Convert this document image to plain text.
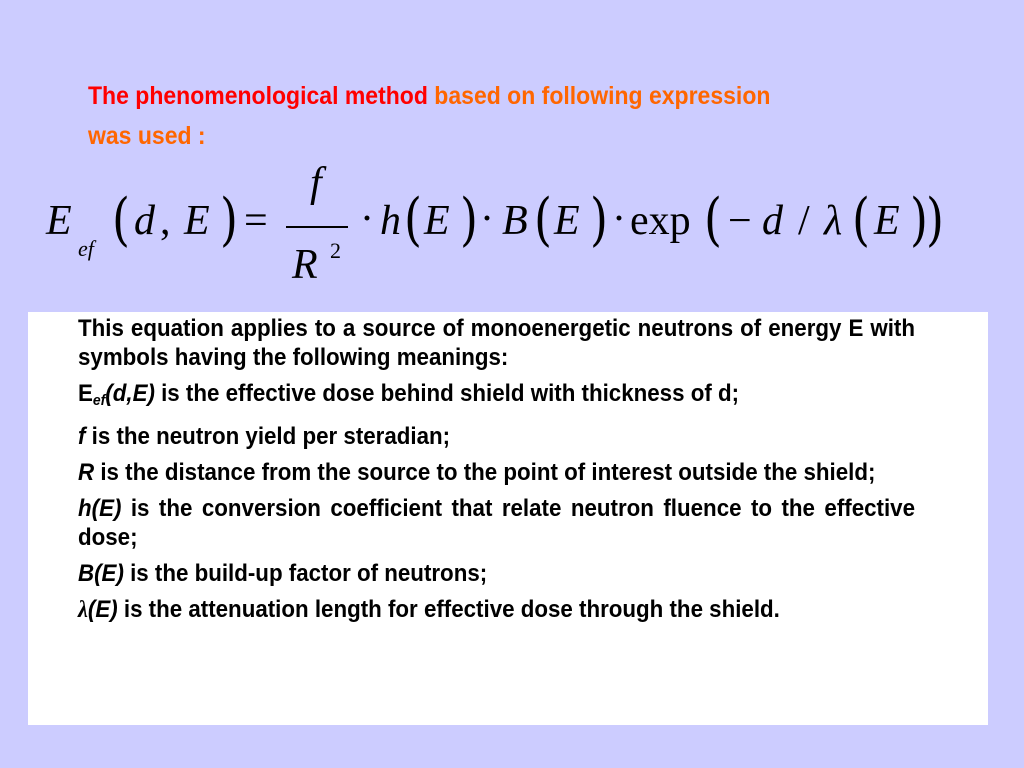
The phenomenological method based on following expression
was used :
E
ef ( d , E ) =
f
R 2
· h ( E ) · B ( E ) · exp ( − d / λ ( E )
)

This equation applies to a source of monoenergetic neutrons of energy E with symbols having the following meanings:

Eef(d,E) is the effective dose behind shield with thickness of d;

f is the neutron yield per steradian;

R is the distance from the source to the point of interest outside the shield;

h(E) is the conversion coefficient that relate neutron fluence to the effective dose;

B(E) is the build-up factor of neutrons;

λ(E) is the attenuation length for effective dose through the shield.
